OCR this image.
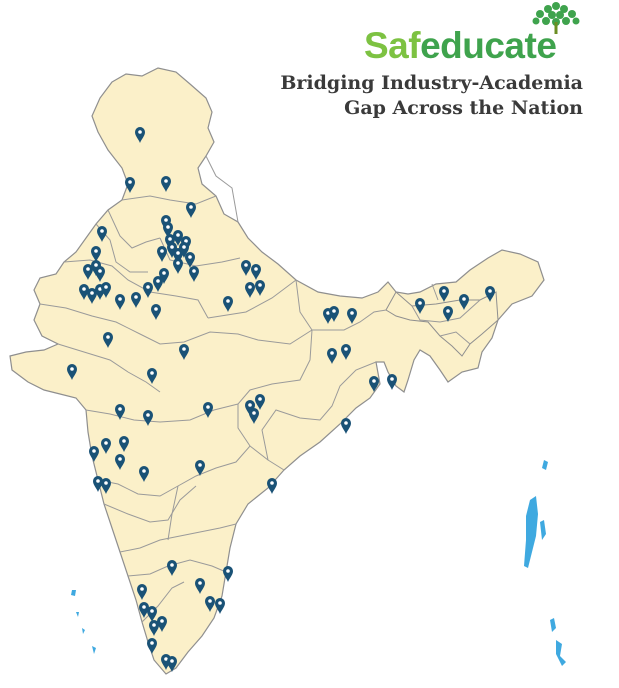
Safeducate
Bridging Industry-Academia
Gap Across the Nation
